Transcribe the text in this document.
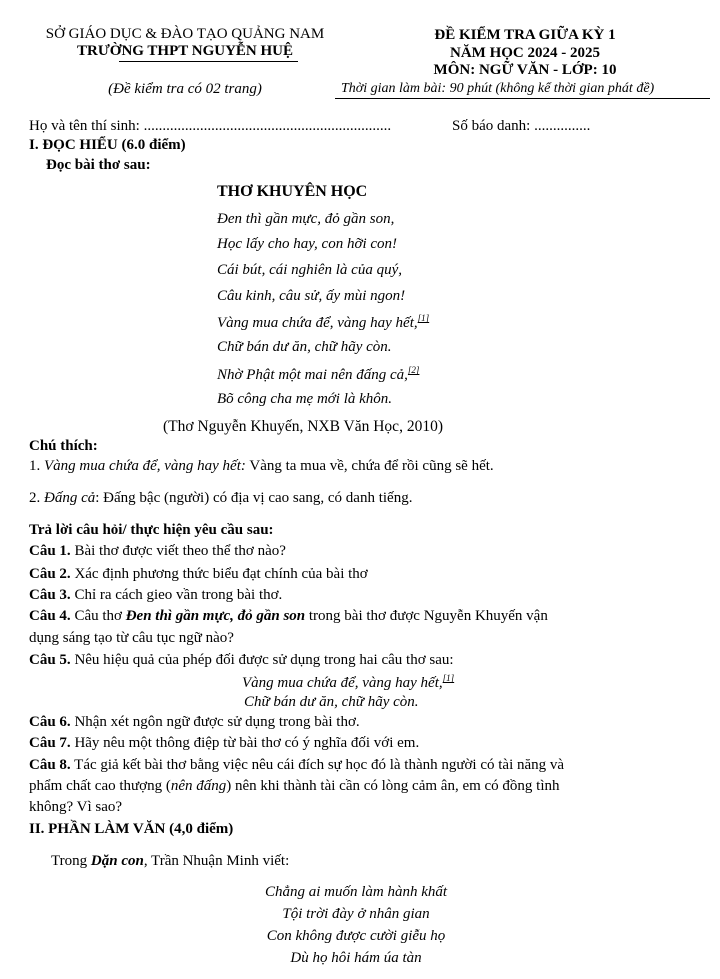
SỞ GIÁO DỤC & ĐÀO TẠO QUẢNG NAM
TRƯỜNG THPT NGUYỄN HUỆ
(Đề kiểm tra có 02 trang)
ĐỀ KIỂM TRA GIỮA KỲ 1
NĂM HỌC 2024 - 2025
MÔN: NGỮ VĂN - LỚP: 10
Thời gian làm bài: 90 phút (không kể thời gian phát đề)
Họ và tên thí sinh: ..................................................................	Số báo danh: ...............
I. ĐỌC HIỂU (6.0 điểm)
Đọc bài thơ sau:
THƠ KHUYÊN HỌC
Đen thì gần mực, đỏ gần son,
Học lấy cho hay, con hỡi con!
Cái bút, cái nghiên là của quý,
Câu kinh, câu sử, ấy mùi ngon!
Vàng mua chứa để, vàng hay hết,[1]
Chữ bán dư ăn, chữ hãy còn.
Nhờ Phật một mai nên đấng cả,[2]
Bõ công cha mẹ mới là khôn.
(Thơ Nguyễn Khuyến, NXB Văn Học, 2010)
Chú thích:
1. Vàng mua chứa để, vàng hay hết: Vàng ta mua về, chứa để rồi cũng sẽ hết.
2. Đấng cả: Đấng bậc (người) có địa vị cao sang, có danh tiếng.
Trả lời câu hỏi/ thực hiện yêu cầu sau:
Câu 1. Bài thơ được viết theo thể thơ nào?
Câu 2. Xác định phương thức biểu đạt chính của bài thơ
Câu 3. Chỉ ra cách gieo vần trong bài thơ.
Câu 4. Câu thơ Đen thì gần mực, đỏ gần son trong bài thơ được Nguyễn Khuyến vận
dụng sáng tạo từ câu tục ngữ nào?
Câu 5. Nêu hiệu quả của phép đối được sử dụng trong hai câu thơ sau:
Vàng mua chứa để, vàng hay hết,[1]
Chữ bán dư ăn, chữ hãy còn.
Câu 6. Nhận xét ngôn ngữ được sử dụng trong bài thơ.
Câu 7. Hãy nêu một thông điệp từ bài thơ có ý nghĩa đối với em.
Câu 8. Tác giả kết bài thơ bằng việc nêu cái đích sự học đó là thành người có tài năng và
phẩm chất cao thượng (nên đấng) nên khi thành tài cần có lòng cảm ân, em có đồng tình
không? Vì sao?
II. PHẦN LÀM VĂN (4,0 điểm)
Trong Dặn con, Trần Nhuận Minh viết:
Chẳng ai muốn làm hành khất
Tội trời đày ở nhân gian
Con không được cười giễu họ
Dù họ hôi hám úa tàn
